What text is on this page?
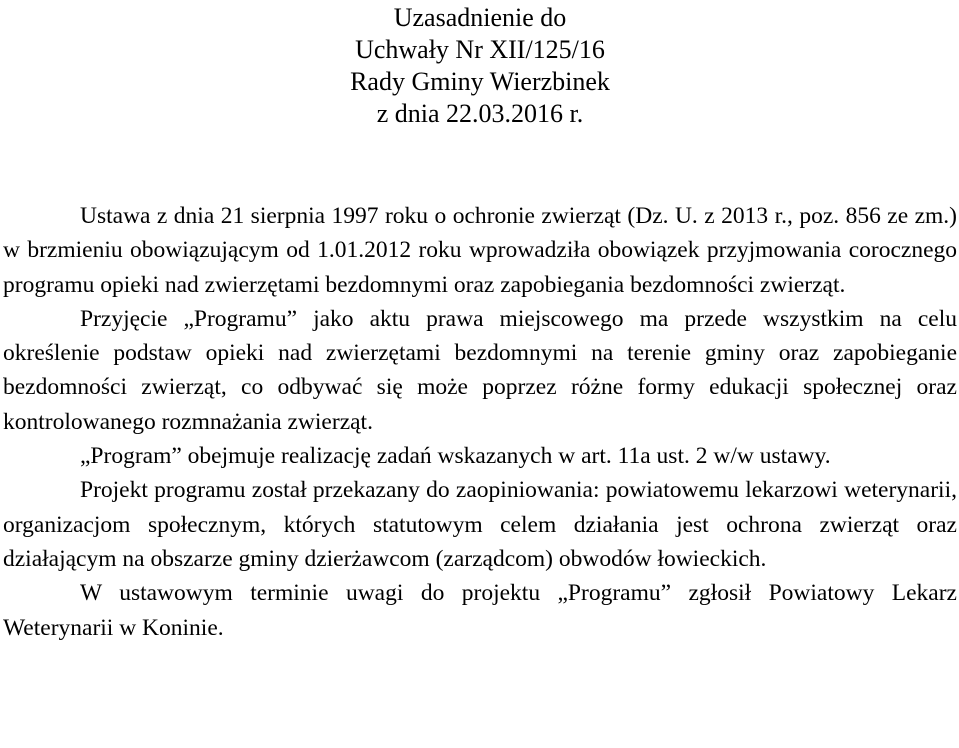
Uzasadnienie do
Uchwały Nr XII/125/16
Rady Gminy Wierzbinek
z dnia 22.03.2016 r.

Ustawa z dnia 21 sierpnia 1997 roku o ochronie zwierząt (Dz. U. z 2013 r., poz. 856 ze zm.) w brzmieniu obowiązującym od 1.01.2012 roku wprowadziła obowiązek przyjmowania corocznego programu opieki nad zwierzętami bezdomnymi oraz zapobiegania bezdomności zwierząt.

Przyjęcie „Programu” jako aktu prawa miejscowego ma przede wszystkim na celu określenie podstaw opieki nad zwierzętami bezdomnymi na terenie gminy oraz zapobieganie bezdomności zwierząt, co odbywać się może poprzez różne formy edukacji społecznej oraz kontrolowanego rozmnażania zwierząt.

„Program” obejmuje realizację zadań wskazanych w art. 11a ust. 2 w/w ustawy.

Projekt programu został przekazany do zaopiniowania: powiatowemu lekarzowi weterynarii, organizacjom społecznym, których statutowym celem działania jest ochrona zwierząt oraz działającym na obszarze gminy dzierżawcom (zarządcom) obwodów łowieckich.

W ustawowym terminie uwagi do projektu „Programu” zgłosił Powiatowy Lekarz Weterynarii w Koninie.
